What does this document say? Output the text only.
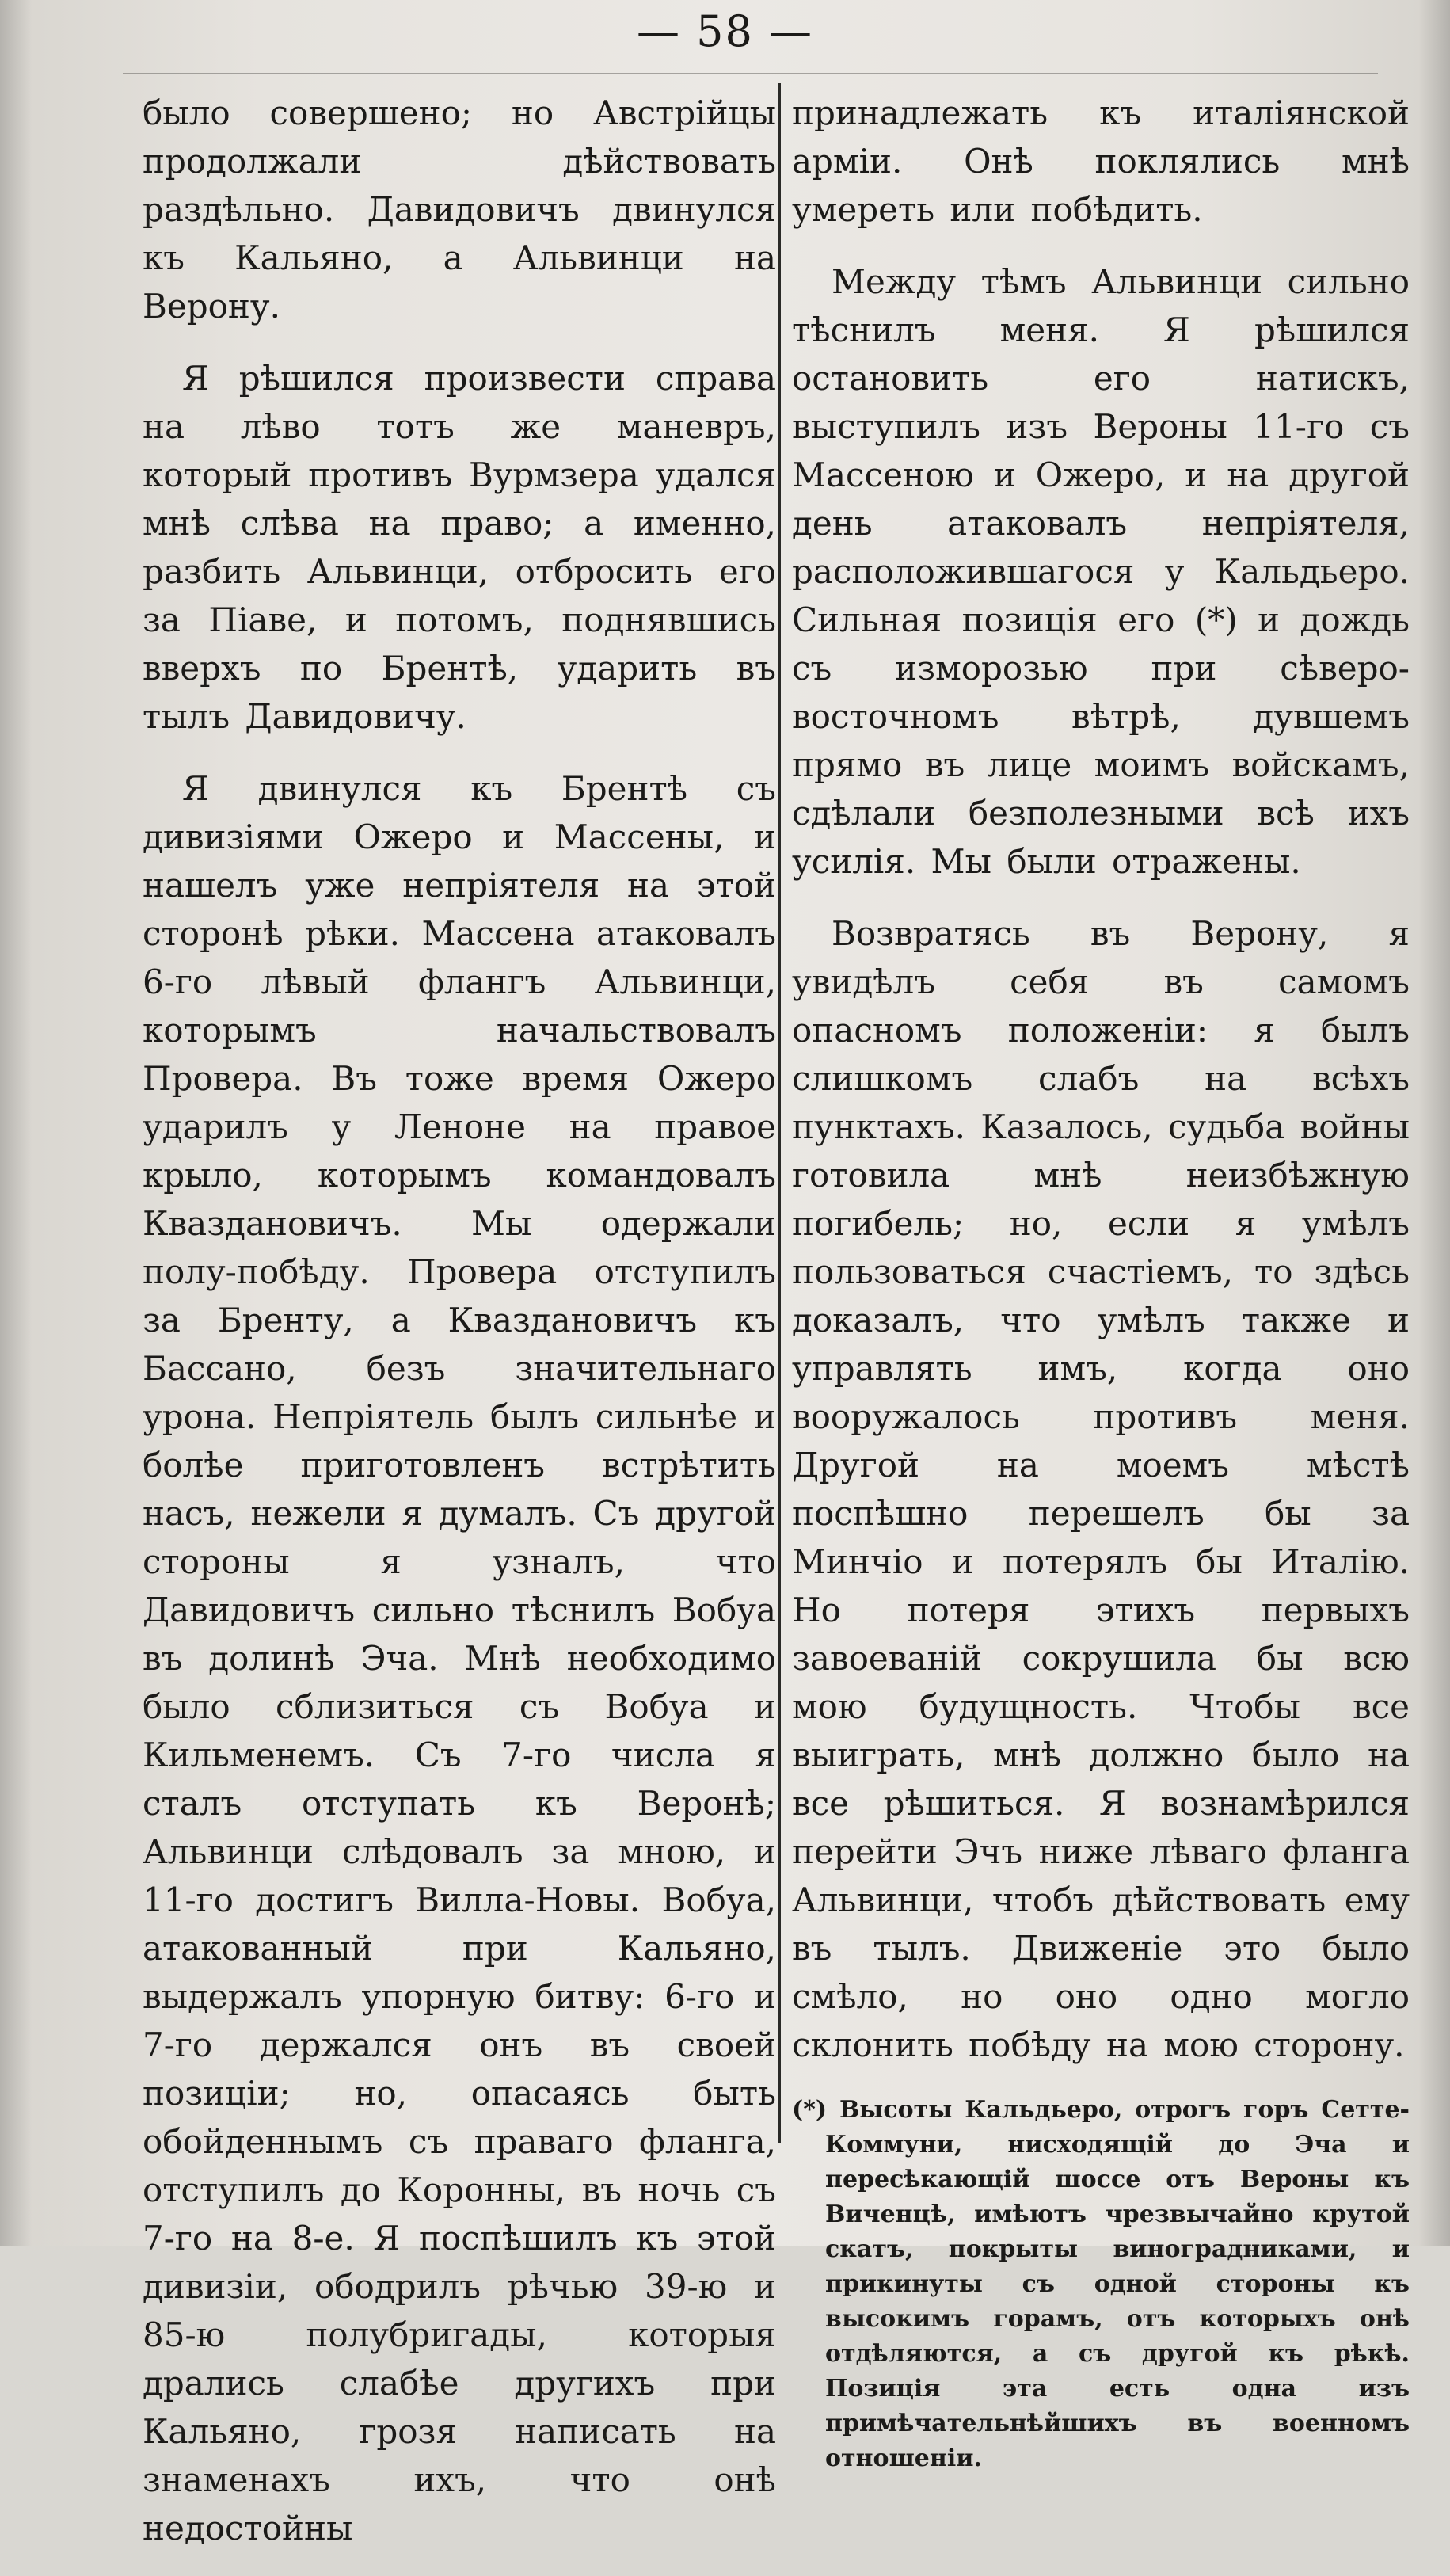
— 58 —

было совершено; но Австрійцы продолжали дѣйствовать раздѣльно. Давидовичъ двинулся къ Кальяно, а Альвинци на Верону.

Я рѣшился произвести справа на лѣво тотъ же маневръ, который противъ Вурмзера удался мнѣ слѣва на право; а именно, разбить Альвинци, отбросить его за Піаве, и потомъ, поднявшись вверхъ по Брентѣ, ударить въ тылъ Давидовичу.

Я двинулся къ Брентѣ съ дивизіями Ожеро и Массены, и нашелъ уже непріятеля на этой сторонѣ рѣки. Массена атаковалъ 6-го лѣвый флангъ Альвинци, которымъ начальствовалъ Провера. Въ тоже время Ожеро ударилъ у Леноне на правое крыло, которымъ командовалъ Кваздановичъ. Мы одержали полу-побѣду. Провера отступилъ за Бренту, а Кваздановичъ къ Бассано, безъ значительнаго урона. Непріятель былъ сильнѣе и болѣе приготовленъ встрѣтить насъ, нежели я думалъ. Съ другой стороны я узналъ, что Давидовичъ сильно тѣснилъ Вобуа въ долинѣ Эча. Мнѣ необходимо было сблизиться съ Вобуа и Кильменемъ. Съ 7-го числа я сталъ отступать къ Веронѣ; Альвинци слѣдовалъ за мною, и 11-го достигъ Вилла-Новы. Вобуа, атакованный при Кальяно, выдержалъ упорную битву: 6-го и 7-го держался онъ въ своей позиціи; но, опасаясь быть обойденнымъ съ праваго фланга, отступилъ до Коронны, въ ночь съ 7-го на 8-е. Я поспѣшилъ къ этой дивизіи, ободрилъ рѣчью 39-ю и 85-ю полубригады, которыя дрались слабѣе другихъ при Кальяно, грозя написать на знаменахъ ихъ, что онѣ недостойны

принадлежать къ италіянской арміи. Онѣ поклялись мнѣ умереть или побѣдить.

Между тѣмъ Альвинци сильно тѣснилъ меня. Я рѣшился остановить его натискъ, выступилъ изъ Вероны 11-го съ Массеною и Ожеро, и на другой день атаковалъ непріятеля, расположившагося у Кальдьеро. Сильная позиція его (*) и дождь съ изморозью при сѣверо-восточномъ вѣтрѣ, дувшемъ прямо въ лице моимъ войскамъ, сдѣлали безполезными всѣ ихъ усилія. Мы были отражены.

Возвратясь въ Верону, я увидѣлъ себя въ самомъ опасномъ положеніи: я былъ слишкомъ слабъ на всѣхъ пунктахъ. Казалось, судьба войны готовила мнѣ неизбѣжную погибель; но, если я умѣлъ пользоваться счастіемъ, то здѣсь доказалъ, что умѣлъ также и управлять имъ, когда оно вооружалось противъ меня. Другой на моемъ мѣстѣ поспѣшно перешелъ бы за Минчіо и потерялъ бы Италію. Но потеря этихъ первыхъ завоеваній сокрушила бы всю мою будущность. Чтобы все выиграть, мнѣ должно было на все рѣшиться. Я вознамѣрился перейти Эчъ ниже лѣваго фланга Альвинци, чтобъ дѣйствовать ему въ тылъ. Движеніе это было смѣло, но оно одно могло склонить побѣду на мою сторону.

(*) Высоты Кальдьеро, отрогъ горъ Сетте-Коммуни, нисходящій до Эча и пересѣкающій шоссе отъ Вероны къ Виченцѣ, имѣютъ чрезвычайно крутой скатъ, покрыты виноградниками, и прикинуты съ одной стороны къ высокимъ горамъ, отъ которыхъ онѣ отдѣляются, а съ другой къ рѣкѣ. Позиція эта есть одна изъ примѣчательнѣйшихъ въ военномъ отношеніи.
